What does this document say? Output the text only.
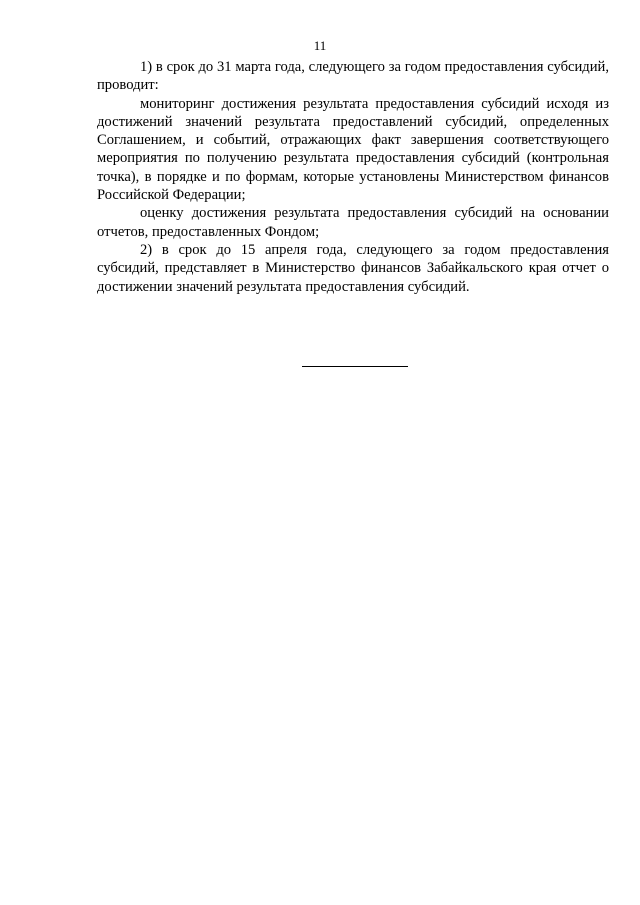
11

1) в срок до 31 марта года, следующего за годом предоставления субсидий, проводит:

мониторинг достижения результата предоставления субсидий исходя из достижений значений результата предоставлений субсидий, определенных Соглашением, и событий, отражающих факт завершения соответствующего мероприятия по получению результата предоставления субсидий (контрольная точка), в порядке и по формам, которые установлены Министерством финансов Российской Федерации;

оценку достижения результата предоставления субсидий на основании отчетов, предоставленных Фондом;

2) в срок до 15 апреля года, следующего за годом предоставления субсидий, представляет в Министерство финансов Забайкальского края отчет о достижении значений результата предоставления субсидий.
